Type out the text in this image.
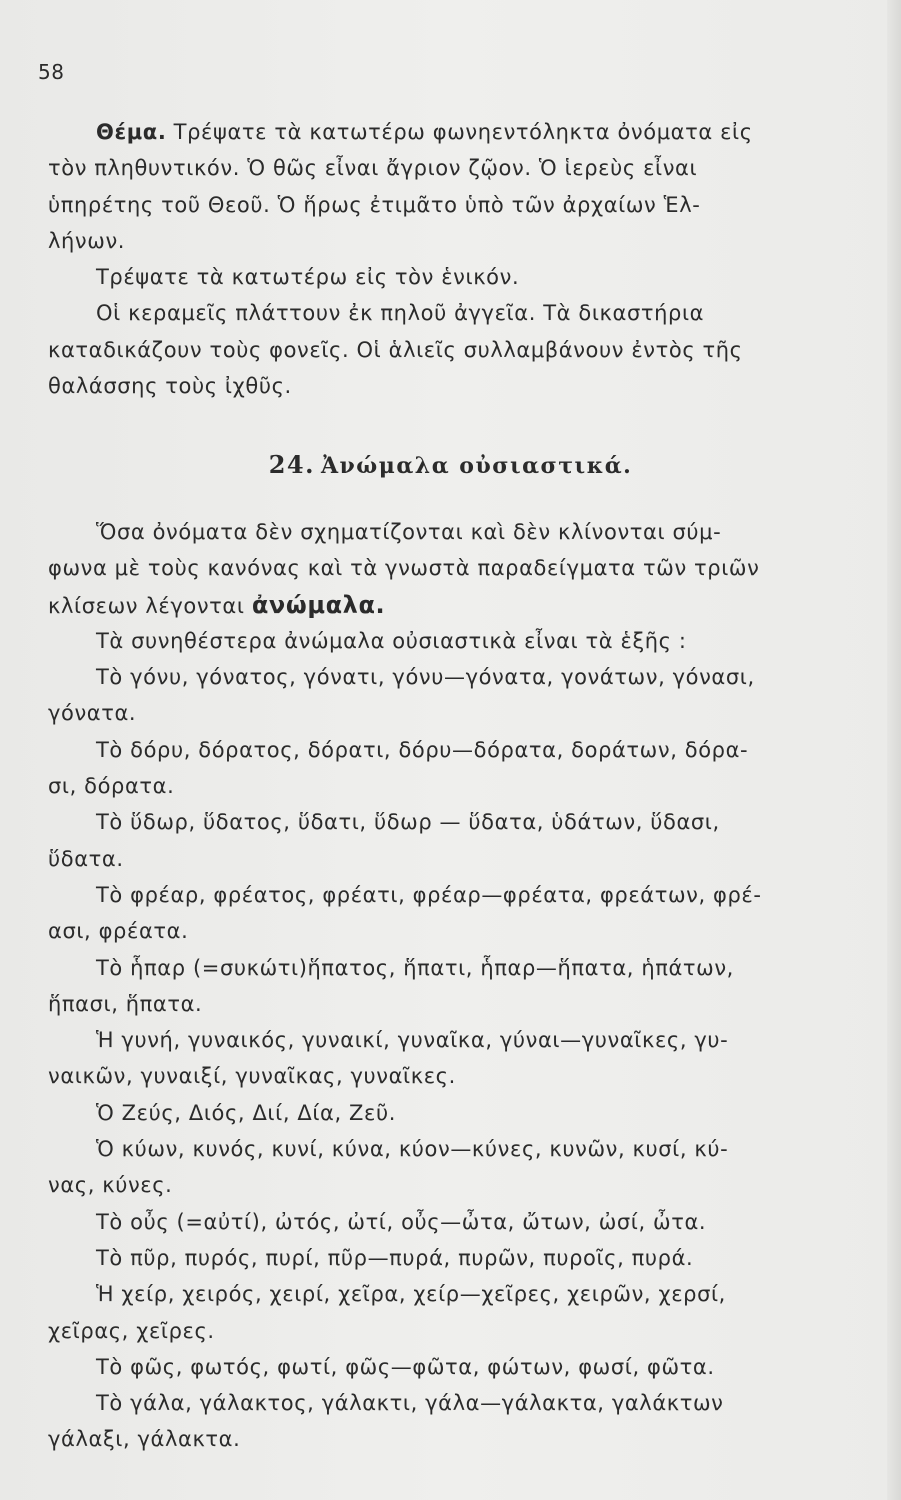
58
Θέμα. Τρέψατε τὰ κατωτέρω φωνηεντόληκτα ὀνόματα εἰς
τὸν πληθυντικόν. Ὁ θῶς εἶναι ἄγριον ζῷον. Ὁ ἱερεὺς εἶναι
ὑπηρέτης τοῦ Θεοῦ. Ὁ ἥρως ἐτιμᾶτο ὑπὸ τῶν ἀρχαίων Ἑλ-
λήνων.
Τρέψατε τὰ κατωτέρω εἰς τὸν ἑνικόν.
Οἱ κεραμεῖς πλάττουν ἐκ πηλοῦ ἀγγεῖα. Τὰ δικαστήρια
καταδικάζουν τοὺς φονεῖς. Οἱ ἁλιεῖς συλλαμβάνουν ἐντὸς τῆς
θαλάσσης τοὺς ἰχθῦς.
24. Ἀνώμαλα οὐσιαστικά.
Ὅσα ὀνόματα δὲν σχηματίζονται καὶ δὲν κλίνονται σύμ-
φωνα μὲ τοὺς κανόνας καὶ τὰ γνωστὰ παραδείγματα τῶν τριῶν
κλίσεων λέγονται ἀνώμαλα.
Τὰ συνηθέστερα ἀνώμαλα οὐσιαστικὰ εἶναι τὰ ἑξῆς :
Τὸ γόνυ, γόνατος, γόνατι, γόνυ—γόνατα, γονάτων, γόνασι,
γόνατα.
Τὸ δόρυ, δόρατος, δόρατι, δόρυ—δόρατα, δοράτων, δόρα-
σι, δόρατα.
Τὸ ὕδωρ, ὕδατος, ὕδατι, ὕδωρ — ὕδατα, ὑδάτων, ὕδασι,
ὕδατα.
Τὸ φρέαρ, φρέατος, φρέατι, φρέαρ—φρέατα, φρεάτων, φρέ-
ασι, φρέατα.
Τὸ ἧπαρ (=συκώτι)ἥπατος, ἥπατι, ἧπαρ—ἥπατα, ἡπάτων,
ἥπασι, ἥπατα.
Ἡ γυνή, γυναικός, γυναικί, γυναῖκα, γύναι—γυναῖκες, γυ-
ναικῶν, γυναιξί, γυναῖκας, γυναῖκες.
Ὁ Ζεύς, Διός, Διί, Δία, Ζεῦ.
Ὁ κύων, κυνός, κυνί, κύνα, κύον—κύνες, κυνῶν, κυσί, κύ-
νας, κύνες.
Τὸ οὖς (=αὐτί), ὠτός, ὠτί, οὖς—ὦτα, ὤτων, ὠσί, ὦτα.
Τὸ πῦρ, πυρός, πυρί, πῦρ—πυρά, πυρῶν, πυροῖς, πυρά.
Ἡ χείρ, χειρός, χειρί, χεῖρα, χείρ—χεῖρες, χειρῶν, χερσί,
χεῖρας, χεῖρες.
Τὸ φῶς, φωτός, φωτί, φῶς—φῶτα, φώτων, φωσί, φῶτα.
Τὸ γάλα, γάλακτος, γάλακτι, γάλα—γάλακτα, γαλάκτων
γάλαξι, γάλακτα.
